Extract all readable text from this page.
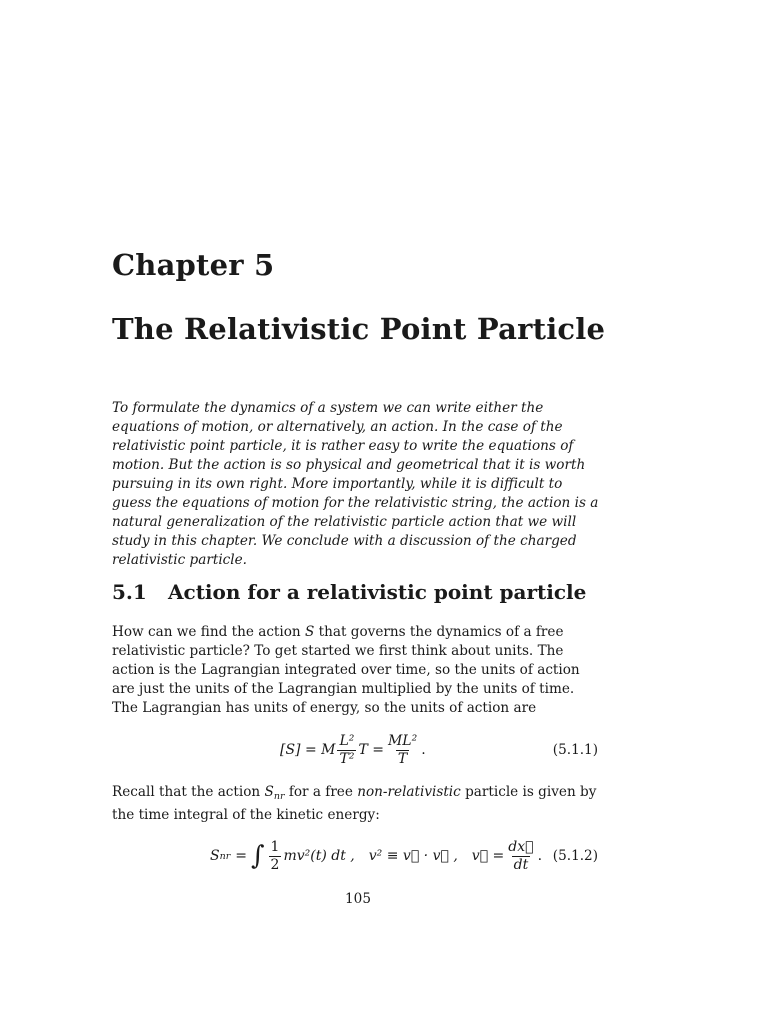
Chapter 5
The Relativistic Point Particle

To formulate the dynamics of a system we can write either the equations of motion, or alternatively, an action. In the case of the relativistic point particle, it is rather easy to write the equations of motion. But the action is so physical and geometrical that it is worth pursuing in its own right. More importantly, while it is difficult to guess the equations of motion for the relativistic string, the action is a natural generalization of the relativistic particle action that we will study in this chapter. We conclude with a discussion of the charged relativistic particle.

5.1 Action for a relativistic point particle

How can we find the action S that governs the dynamics of a free relativistic particle? To get started we first think about units. The action is the Lagrangian integrated over time, so the units of action are just the units of the Lagrangian multiplied by the units of time. The Lagrangian has units of energy, so the units of action are

[S] = M $\frac{\text{L²}}{\text{T²}}$ $T = \frac{\text{ML²}}{T}$ .	(5.1.1)

Recall that the action $S_{nr}$ for a free non-relativistic particle is given by the time integral of the kinetic energy:

S nr = ∫ $\frac{1}{2} mv^2(t)$ dt , v² ≡ v⃗ · v⃗ , v⃗ = $\frac{dx⃗}{dt}$ . (5.1.2)
105
